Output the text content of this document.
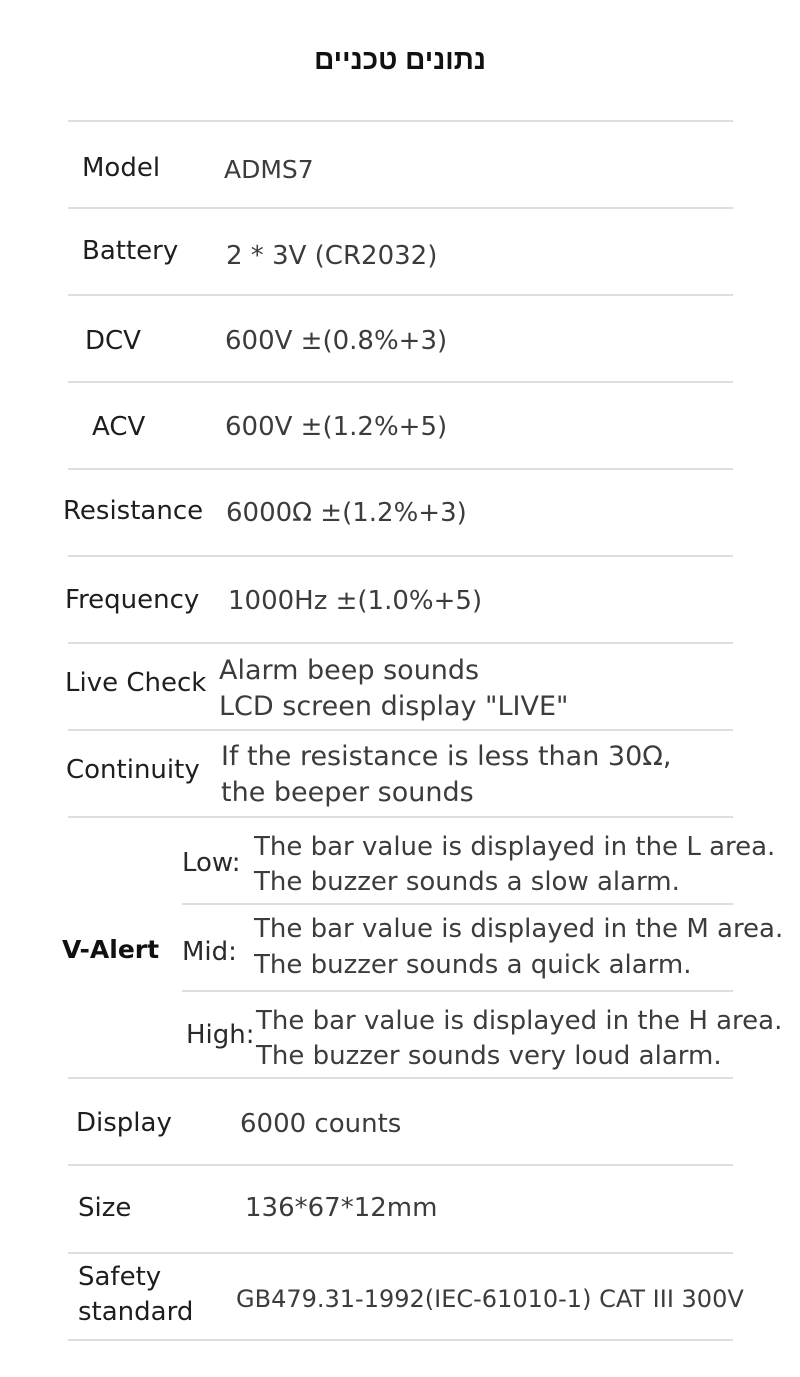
נתונים טכניים
Model	ADMS7
Battery 2 * 3V (CR2032)
DCV	600V ±(0.8%+3)
ACV	600V ±(1.2%+5)
Resistance 6000Ω ±(1.2%+3)
Frequency 1000Hz ±(1.0%+5)
Live Check Alarm beep sounds
LCD screen display "LIVE"
Continuity If the resistance is less than 30Ω,
the beeper sounds
V-Alert
Low:
The bar value is displayed in the L area.
The buzzer sounds a slow alarm.
Mid:
The bar value is displayed in the M area.
The buzzer sounds a quick alarm.
High: The bar value is displayed in the H area.
The buzzer sounds very loud alarm.
Display	6000 counts
Size	136*67*12mm
Safety
standard GB479.31-1992(IEC-61010-1) CAT III 300V
